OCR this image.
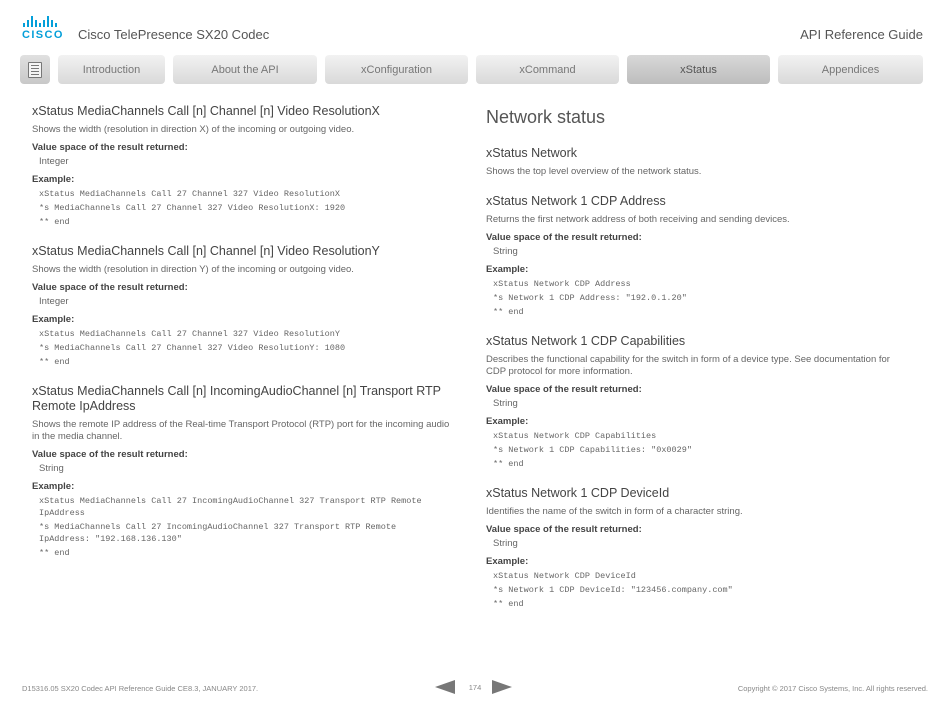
CISCO Cisco TelePresence SX20 Codec	API Reference Guide
Introduction	About the API	xConfiguration	xCommand	xStatus	Appendices
xStatus MediaChannels Call [n] Channel [n] Video ResolutionX
Shows the width (resolution in direction X) of the incoming or outgoing video.
Value space of the result returned:
Integer
Example:
xStatus MediaChannels Call 27 Channel 327 Video ResolutionX
*s MediaChannels Call 27 Channel 327 Video ResolutionX: 1920
** end
xStatus MediaChannels Call [n] Channel [n] Video ResolutionY
Shows the width (resolution in direction Y) of the incoming or outgoing video.
Value space of the result returned:
Integer
Example:
xStatus MediaChannels Call 27 Channel 327 Video ResolutionY
*s MediaChannels Call 27 Channel 327 Video ResolutionY: 1080
** end
xStatus MediaChannels Call [n] IncomingAudioChannel [n] Transport RTP Remote IpAddress
Shows the remote IP address of the Real-time Transport Protocol (RTP) port for the incoming audio in the media channel.
Value space of the result returned:
String
Example:
xStatus MediaChannels Call 27 IncomingAudioChannel 327 Transport RTP Remote IpAddress
*s MediaChannels Call 27 IncomingAudioChannel 327 Transport RTP Remote IpAddress: "192.168.136.130"
** end
Network status
xStatus Network
Shows the top level overview of the network status.
xStatus Network 1 CDP Address
Returns the first network address of both receiving and sending devices.
Value space of the result returned:
String
Example:
xStatus Network CDP Address
*s Network 1 CDP Address: "192.0.1.20"
** end
xStatus Network 1 CDP Capabilities
Describes the functional capability for the switch in form of a device type. See documentation for CDP protocol for more information.
Value space of the result returned:
String
Example:
xStatus Network CDP Capabilities
*s Network 1 CDP Capabilities: "0x0029"
** end
xStatus Network 1 CDP DeviceId
Identifies the name of the switch in form of a character string.
Value space of the result returned:
String
Example:
xStatus Network CDP DeviceId
*s Network 1 CDP DeviceId: "123456.company.com"
** end
D15316.05 SX20 Codec API Reference Guide CE8.3, JANUARY 2017.	174	Copyright © 2017 Cisco Systems, Inc. All rights reserved.
